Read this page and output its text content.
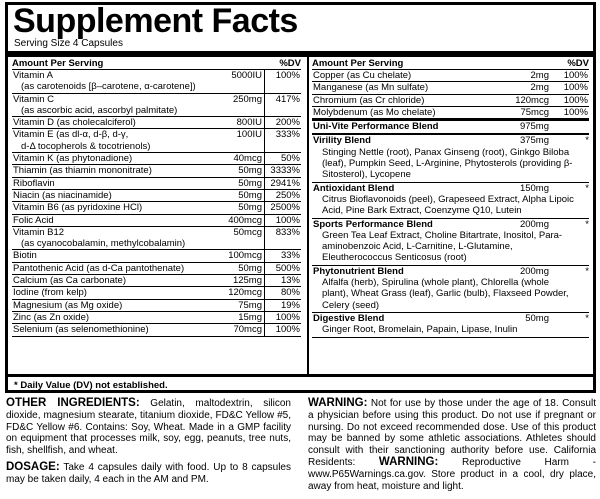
Supplement Facts
Serving Size 4 Capsules
Amount Per Serving	%DV
Vitamin A
(as carotenoids [β–carotene, α-carotene])
5000IU	100%
Vitamin C
(as ascorbic acid, ascorbyl palmitate)
250mg	417%
Vitamin D (as cholecalciferol)	800IU	200%
Vitamin E (as dl-α, d-β, d-γ,
d-Δ tocopherols & tocotrienols)
100IU	333%
Vitamin K (as phytonadione)	40mcg	50%
Thiamin (as thiamin mononitrate)	50mg 3333%
Riboflavin	50mg 2941%
Niacin (as niacinamide)	50mg	250%
Vitamin B6 (as pyridoxine HCl)	50mg 2500%
Folic Acid	400mcg	100%
Vitamin B12
(as cyanocobalamin, methylcobalamin)
50mcg	833%
Biotin	100mcg	33%
Pantothenic Acid (as d-Ca pantothenate)	50mg	500%
Calcium (as Ca carbonate)	125mg	13%
Iodine (from kelp)	120mcg	80%
Magnesium (as Mg oxide)	75mg	19%
Zinc (as Zn oxide)	15mg	100%
Selenium (as selenomethionine)	70mcg	100%
Amount Per Serving	%DV
Copper (as Cu chelate)	2mg	100%
Manganese (as Mn sulfate)	2mg	100%
Chromium (as Cr chloride)	120mcg	100%
Molybdenum (as Mo chelate)	75mcg	100%
Uni-Vite Performance Blend	975mg
Virility Blend	375mg	*
Stinging Nettle (root), Panax Ginseng (root), Ginkgo Biloba (leaf), Pumpkin Seed, L-Arginine, Phytosterols (providing β-Sitosterol), Lycopene
Antioxidant Blend	150mg	*
Citrus Bioflavonoids (peel), Grapeseed Extract, Alpha Lipoic Acid, Pine Bark Extract, Coenzyme Q10, Lutein
Sports Performance Blend	200mg	*
Green Tea Leaf Extract, Choline Bitartrate, Inositol, Para-aminobenzoic Acid, L-Carnitine, L-Glutamine, Eleutherococcus Senticosus (root)
Phytonutrient Blend	200mg	*
Alfalfa (herb), Spirulina (whole plant), Chlorella (whole plant), Wheat Grass (leaf), Garlic (bulb), Flaxseed Powder, Celery (seed)
Digestive Blend	50mg	*
Ginger Root, Bromelain, Papain, Lipase, Inulin
* Daily Value (DV) not established.
OTHER INGREDIENTS: Gelatin, maltodextrin, silicon dioxide, magnesium stearate, titanium dioxide, FD&C Yellow #5, FD&C Yellow #6. Contains: Soy, Wheat. Made in a GMP facility on equipment that processes milk, soy, egg, peanuts, tree nuts, fish, shellfish, and wheat.
DOSAGE: Take 4 capsules daily with food. Up to 8 capsules may be taken daily, 4 each in the AM and PM.
WARNING: Not for use by those under the age of 18. Consult a physician before using this product. Do not use if pregnant or nursing. Do not exceed recommended dose. Use of this product may be banned by some athletic associations. Athletes should consult with their sanctioning authority before use. California Residents: WARNING: Reproductive Harm - www.P65Warnings.ca.gov. Store product in a cool, dry place, away from heat, moisture and light.
